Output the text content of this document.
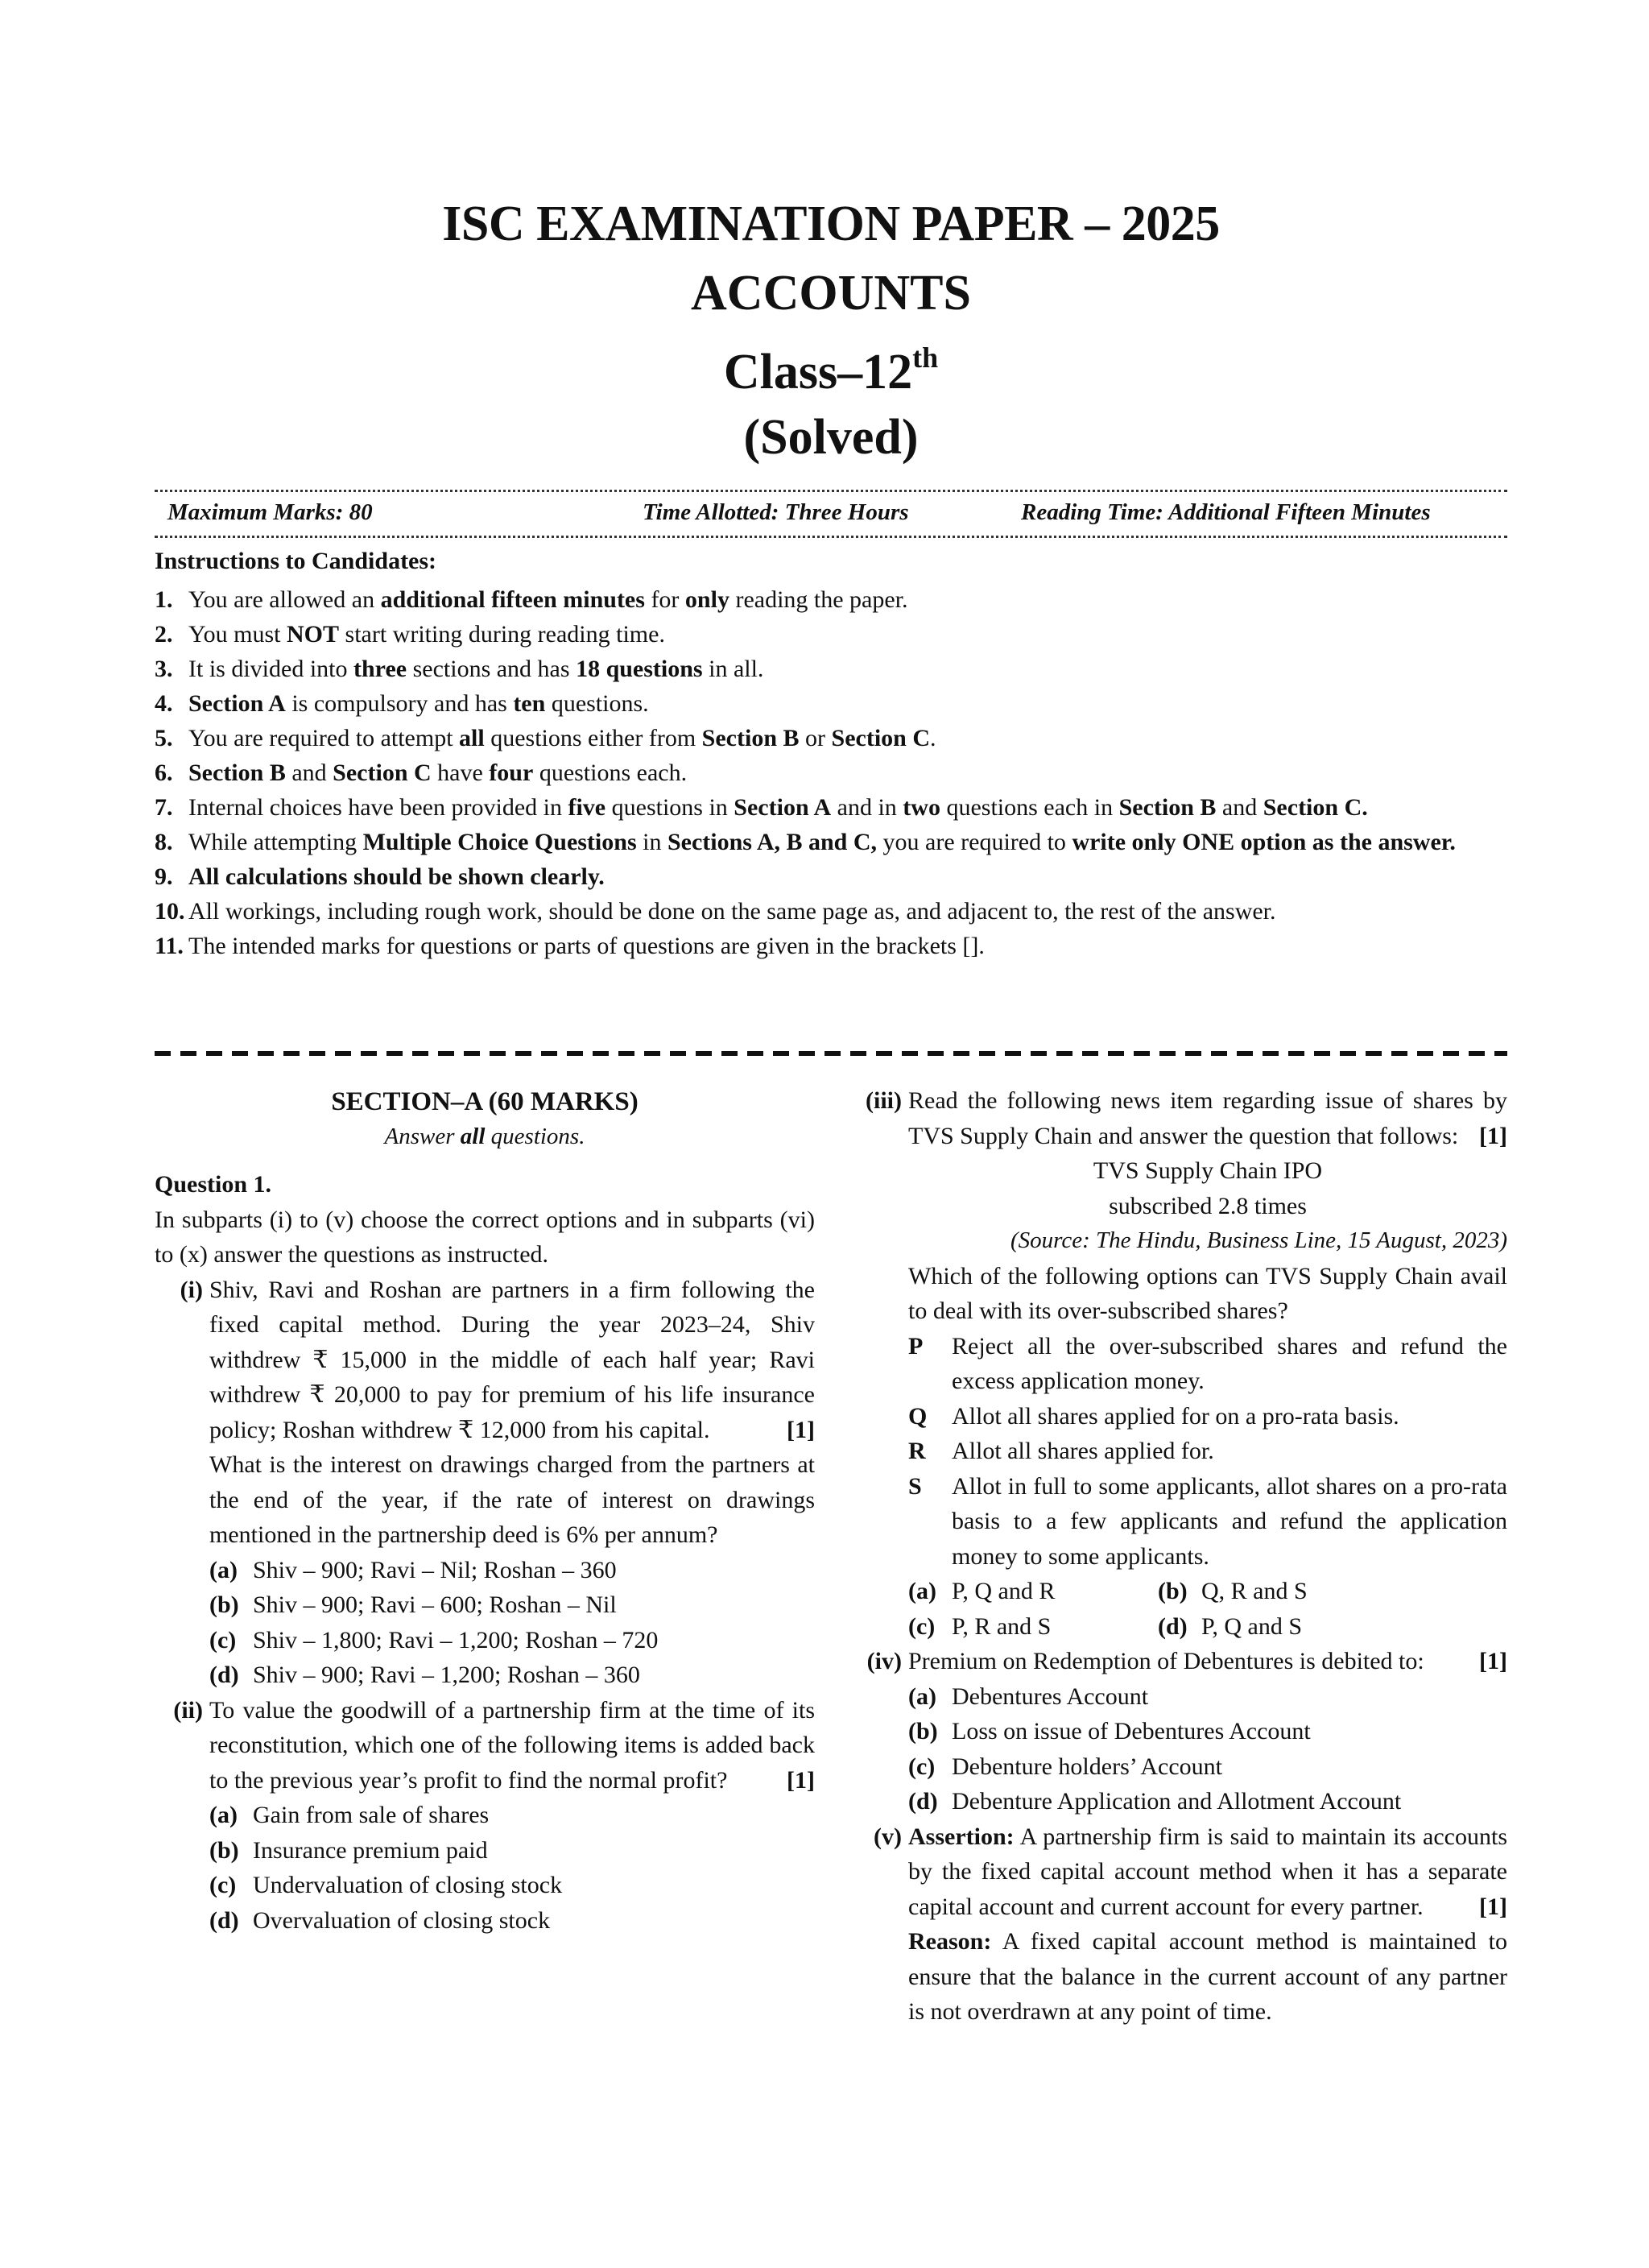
ISC EXAMINATION PAPER – 2025
ACCOUNTS
Class–12th
(Solved)
Maximum Marks: 80	Time Allotted: Three Hours	Reading Time: Additional Fifteen Minutes
Instructions to Candidates:
1. You are allowed an additional fifteen minutes for only reading the paper.
2. You must NOT start writing during reading time.
3. It is divided into three sections and has 18 questions in all.
4. Section A is compulsory and has ten questions.
5. You are required to attempt all questions either from Section B or Section C.
6. Section B and Section C have four questions each.
7. Internal choices have been provided in five questions in Section A and in two questions each in Section B and Section C.
8. While attempting Multiple Choice Questions in Sections A, B and C, you are required to write only ONE option as the answer.
9. All calculations should be shown clearly.
10. All workings, including rough work, should be done on the same page as, and adjacent to, the rest of the answer.
11. The intended marks for questions or parts of questions are given in the brackets [].
SECTION–A (60 MARKS)
Answer all questions.
Question 1.
In subparts (i) to (v) choose the correct options and in subparts (vi) to (x) answer the questions as instructed.
(i) Shiv, Ravi and Roshan are partners in a firm following the fixed capital method. During the year 2023–24, Shiv withdrew ₹ 15,000 in the middle of each half year; Ravi withdrew ₹ 20,000 to pay for premium of his life insurance policy; Roshan withdrew ₹ 12,000 from his capital.	[1]
What is the interest on drawings charged from the partners at the end of the year, if the rate of interest on drawings mentioned in the partnership deed is 6% per annum?
(a) Shiv – 900; Ravi – Nil; Roshan – 360
(b) Shiv – 900; Ravi – 600; Roshan – Nil
(c) Shiv – 1,800; Ravi – 1,200; Roshan – 720
(d) Shiv – 900; Ravi – 1,200; Roshan – 360
(ii) To value the goodwill of a partnership firm at the time of its reconstitution, which one of the following items is added back to the previous year’s profit to find the normal profit? [1]
(a) Gain from sale of shares
(b) Insurance premium paid
(c) Undervaluation of closing stock
(d) Overvaluation of closing stock
(iii) Read the following news item regarding issue of shares by TVS Supply Chain and answer the question that follows: [1]
TVS Supply Chain IPO
subscribed 2.8 times
(Source: The Hindu, Business Line, 15 August, 2023)
Which of the following options can TVS Supply Chain avail to deal with its over-subscribed shares?
P Reject all the over-subscribed shares and refund the excess application money.
Q Allot all shares applied for on a pro-rata basis.
R Allot all shares applied for.
S Allot in full to some applicants, allot shares on a pro-rata basis to a few applicants and refund the application money to some applicants.
(a) P, Q and R	(b) Q, R and S
(c) P, R and S	(d) P, Q and S
(iv) Premium on Redemption of Debentures is debited to: [1]
(a) Debentures Account
(b) Loss on issue of Debentures Account
(c) Debenture holders’ Account
(d) Debenture Application and Allotment Account
(v) Assertion: A partnership firm is said to maintain its accounts by the fixed capital account method when it has a separate capital account and current account for every partner. [1]
Reason: A fixed capital account method is maintained to ensure that the balance in the current account of any partner is not overdrawn at any point of time.
